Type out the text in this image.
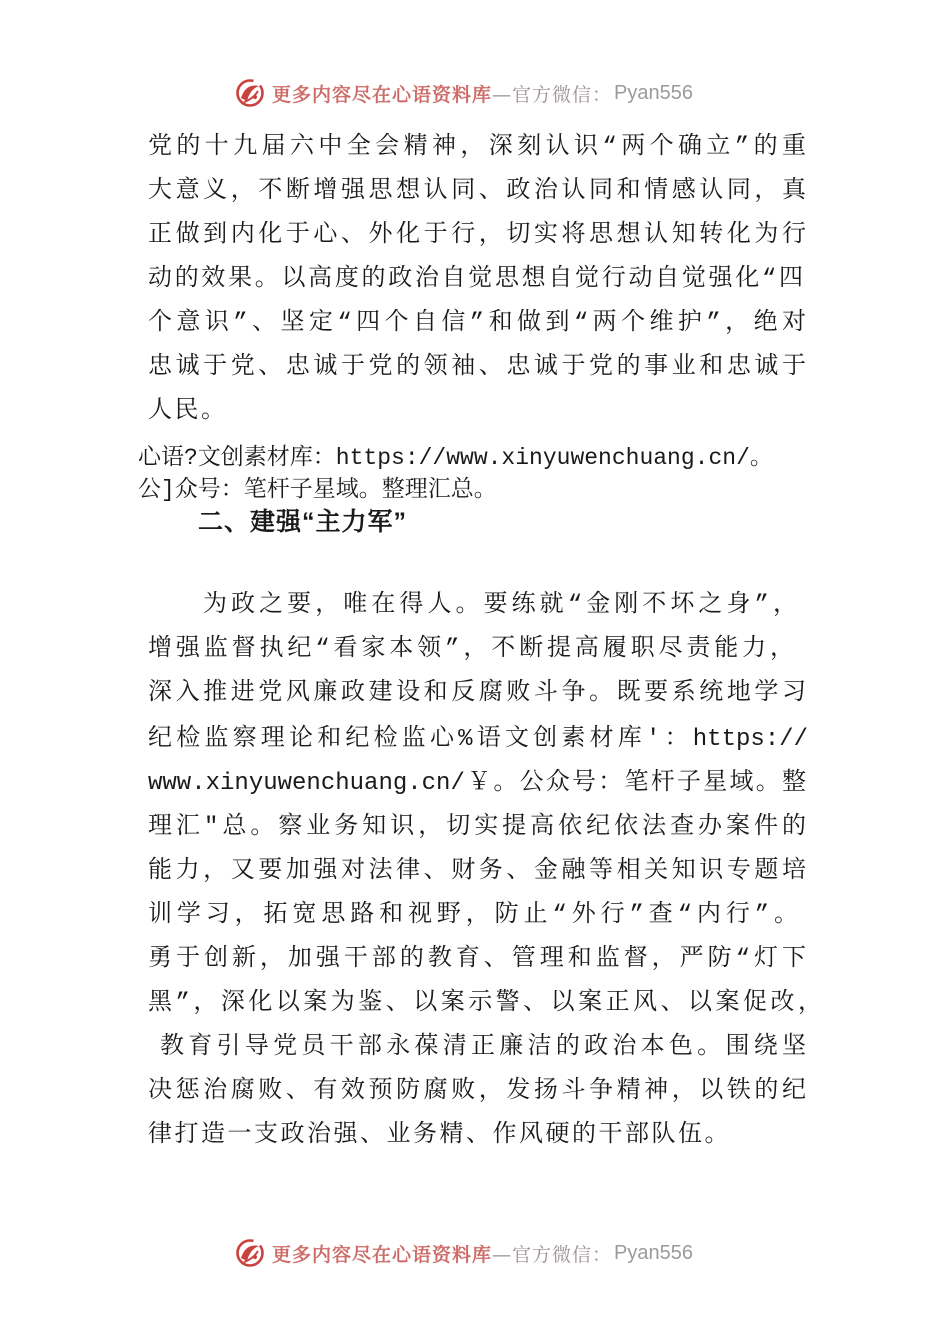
更多内容尽在心语资料库 —官方微信： Pyan556
党的十九届六中全会精神，深刻认识“两个确立”的重
大意义，不断增强思想认同、政治认同和情感认同，真
正做到内化于心、外化于行，切实将思想认知转化为行
动的效果。以高度的政治自觉思想自觉行动自觉强化“四
个意识”、坚定“四个自信”和做到“两个维护”，绝对
忠诚于党、忠诚于党的领袖、忠诚于党的事业和忠诚于
人民。
心语?文创素材库：https://www.xinyuwenchuang.cn/。
公]众号：笔杆子星域。整理汇总。
二、建强“主力军”
为政之要，唯在得人。要练就“金刚不坏之身”，
增强监督执纪“看家本领”，不断提高履职尽责能力，
深入推进党风廉政建设和反腐败斗争。既要系统地学习
纪检监察理论和纪检监心%语文创素材库'：https://
www.xinyuwenchuang.cn/￥。公众号：笔杆子星域。整
理汇"总。察业务知识，切实提高依纪依法查办案件的
能力，又要加强对法律、财务、金融等相关知识专题培
训学习，拓宽思路和视野，防止“外行”查“内行”。
勇于创新，加强干部的教育、管理和监督，严防“灯下
黑”，深化以案为鉴、以案示警、以案正风、以案促改，
教育引导党员干部永葆清正廉洁的政治本色。围绕坚
决惩治腐败、有效预防腐败，发扬斗争精神，以铁的纪
律打造一支政治强、业务精、作风硬的干部队伍。
更多内容尽在心语资料库 —官方微信： Pyan556
